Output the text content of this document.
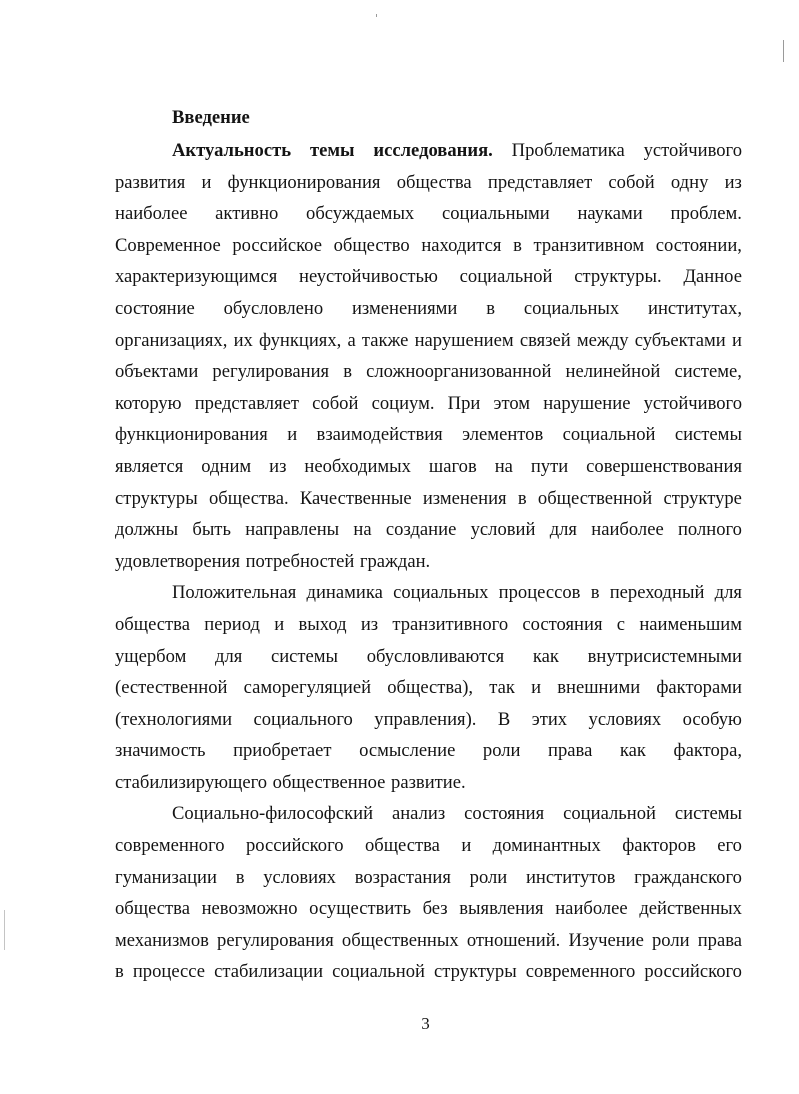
Введение
Актуальность темы исследования. Проблематика устойчивого
развития и функционирования общества представляет собой одну из
наиболее активно обсуждаемых социальными науками проблем.
Современное российское общество находится в транзитивном состоянии,
характеризующимся неустойчивостью социальной структуры. Данное
состояние обусловлено изменениями в социальных институтах,
организациях, их функциях, а также нарушением связей между субъектами и
объектами регулирования в сложноорганизованной нелинейной системе,
которую представляет собой социум. При этом нарушение устойчивого
функционирования и взаимодействия элементов социальной системы
является одним из необходимых шагов на пути совершенствования
структуры общества. Качественные изменения в общественной структуре
должны быть направлены на создание условий для наиболее полного
удовлетворения потребностей граждан.
Положительная динамика социальных процессов в переходный для
общества период и выход из транзитивного состояния с наименьшим
ущербом для системы обусловливаются как внутрисистемными
(естественной саморегуляцией общества), так и внешними факторами
(технологиями социального управления). В этих условиях особую
значимость приобретает осмысление роли права как фактора,
стабилизирующего общественное развитие.
Социально-философский анализ состояния социальной системы
современного российского общества и доминантных факторов его
гуманизации в условиях возрастания роли институтов гражданского
общества невозможно осуществить без выявления наиболее действенных
механизмов регулирования общественных отношений. Изучение роли права
в процессе стабилизации социальной структуры современного российского
3
